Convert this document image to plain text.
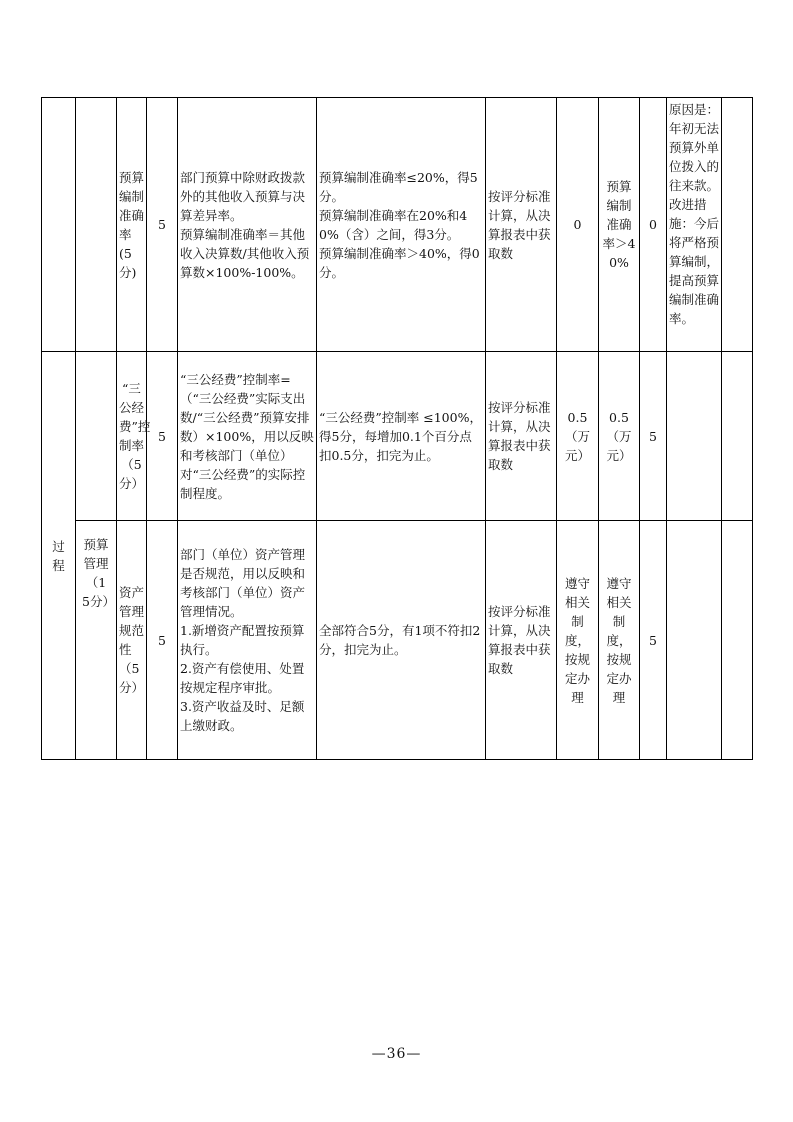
		预算编制准确率(5分)	5	部门预算中除财政拨款外的其他收入预算与决算差异率。
预算编制准确率＝其他收入决算数/其他收入预算数×100%-100%。	预算编制准确率≤20%，得5分。
预算编制准确率在20%和40%（含）之间，得3分。
预算编制准确率＞40%，得0分。	按评分标准计算，从决算报表中获取数	0	预算编制准确率＞40%	0	原因是：年初无法预算外单位拨入的往来款。改进措施：今后将严格预算编制，提高预算编制准确率。	
过程		“三公经费”控制率（5分）	5	“三公经费”控制率=（“三公经费”实际支出数/“三公经费”预算安排数）×100%，用以反映和考核部门（单位）对“三公经费”的实际控制程度。	“三公经费”控制率 ≤100%，得5分，每增加0.1个百分点扣0.5分，扣完为止。	按评分标准计算，从决算报表中获取数	0.5（万元）	0.5（万元）	5		
	预算管理（15分）	资产管理规范性（5分）	5	部门（单位）资产管理是否规范，用以反映和考核部门（单位）资产管理情况。
1.新增资产配置按预算执行。
2.资产有偿使用、处置按规定程序审批。
3.资产收益及时、足额上缴财政。	全部符合5分，有1项不符扣2分，扣完为止。	按评分标准计算，从决算报表中获取数	遵守相关制度，按规定办理	遵守相关制度，按规定办理	5		
—36—
